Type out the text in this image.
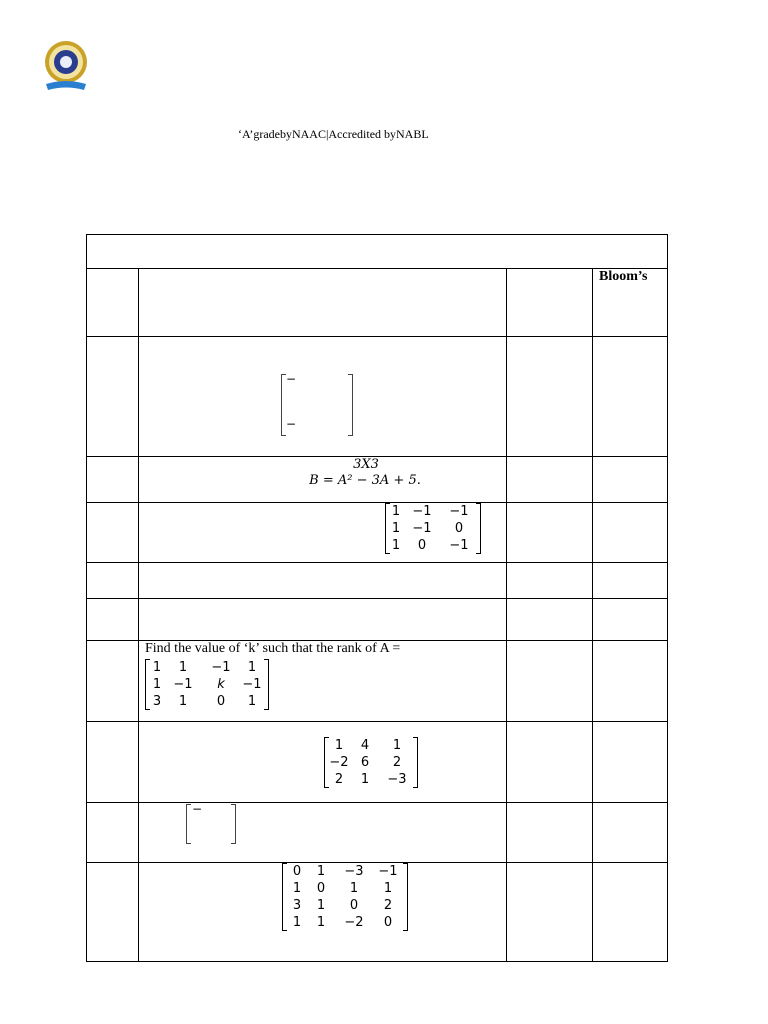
‘A’gradebyNAAC|Accredited byNABL
Bloom’s
−
−
3X3
B = A² − 3A + 5.
1 −1	−1
1 −1	0
1	0	−1
Find the value of ‘k’ such that the rank of A =
1	1	−1	1
1 −1	k	−1
3	1	0	1
1	4	1
−2 6	2
2	1	−3
−
0	1	−3	−1
1	0	1	1
3	1	0	2
1	1	−2	0
